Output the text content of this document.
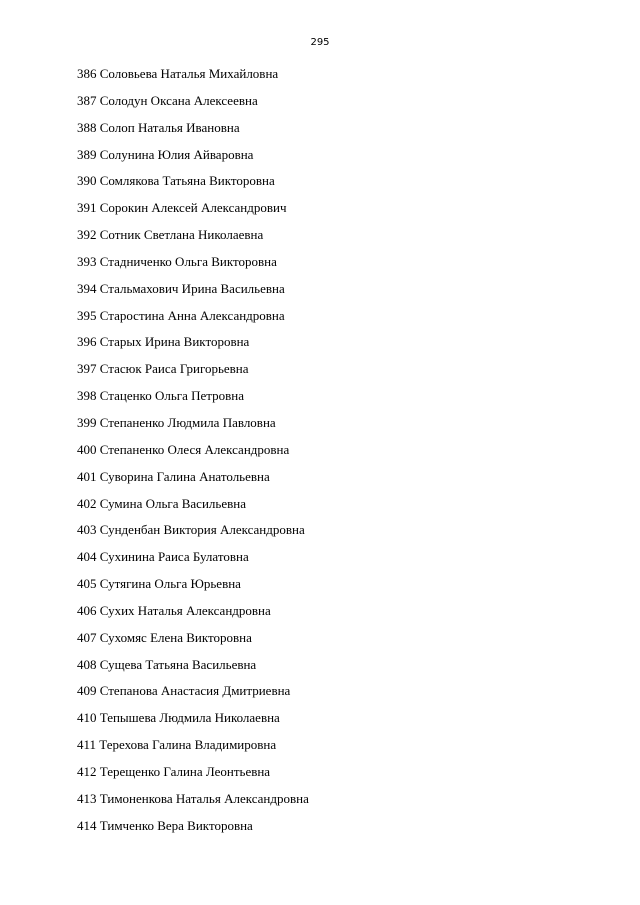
295
386 Соловьева Наталья Михайловна
387 Солодун Оксана Алексеевна
388 Солоп Наталья Ивановна
389 Солунина Юлия Айваровна
390 Сомлякова Татьяна Викторовна
391 Сорокин Алексей Александрович
392 Сотник Светлана Николаевна
393 Стадниченко Ольга Викторовна
394 Стальмахович Ирина Васильевна
395 Старостина Анна Александровна
396 Старых Ирина Викторовна
397 Стасюк Раиса Григорьевна
398 Стаценко Ольга Петровна
399 Степаненко Людмила Павловна
400 Степаненко Олеся Александровна
401 Суворина Галина Анатольевна
402 Сумина Ольга Васильевна
403 Сунденбан Виктория Александровна
404 Сухинина Раиса Булатовна
405 Сутягина Ольга Юрьевна
406 Сухих Наталья Александровна
407 Сухомяс Елена Викторовна
408 Сущева Татьяна Васильевна
409 Степанова Анастасия Дмитриевна
410 Тепышева Людмила Николаевна
411 Терехова Галина Владимировна
412 Терещенко Галина Леонтьевна
413 Тимоненкова Наталья Александровна
414 Тимченко Вера Викторовна
